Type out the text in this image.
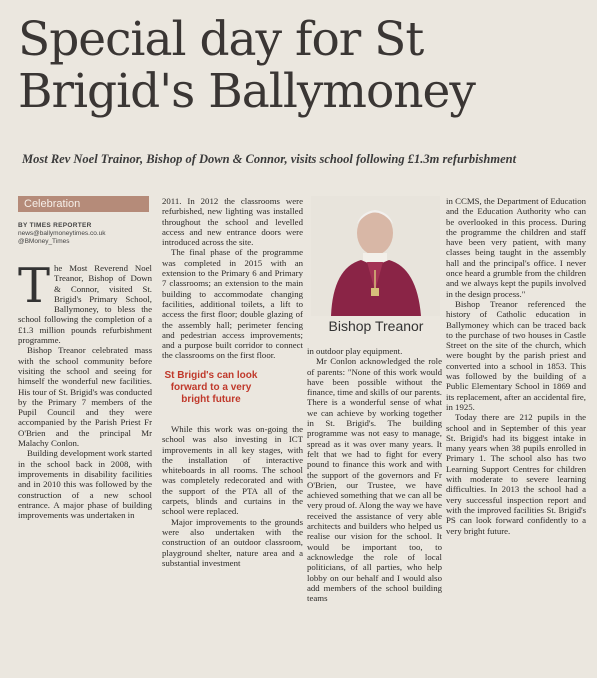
Special day for St Brigid's Ballymoney
Most Rev Noel Trainor, Bishop of Down & Connor, visits school following £1.3m refurbishment
Celebration
BY TIMES REPORTER
news@ballymoneytimes.co.uk
@BMoney_Times

The Most Reverend Noel Treanor, Bishop of Down & Connor, visited St. Brigid's Primary School, Ballymoney, to bless the school following the completion of a £1.3 million pounds refurbishment programme.

Bishop Treanor celebrated mass with the school community before visiting the school and seeing for himself the wonderful new facilities. His tour of St. Brigid's was conducted by the Primary 7 members of the Pupil Council and they were accompanied by the Parish Priest Fr O'Brien and the principal Mr Malachy Conlon.

Building development work started in the school back in 2008, with improvements in disability facilities and in 2010 this was followed by the construction of a new school entrance. A major phase of building improvements was undertaken in

2011. In 2012 the classrooms were refurbished, new lighting was installed throughout the school and levelled access and new entrance doors were introduced across the site.

The final phase of the programme was completed in 2015 with an extension to the Primary 6 and Primary 7 classrooms; an extension to the main building to accommodate changing facilities, additional toilets, a lift to access the first floor; double glazing of the assembly hall; perimeter fencing and pedestrian access improvements; and a purpose built corridor to connect the classrooms on the first floor.

St Brigid's can look forward to a very bright future

While this work was on-going the school was also investing in ICT improvements in all key stages, with the installation of interactive whiteboards in all rooms. The school was completely redecorated and with the support of the PTA all of the carpets, blinds and curtains in the school were replaced.

Major improvements to the grounds were also undertaken with the construction of an outdoor classroom, playground shelter, nature area and a substantial investment

Bishop Treanor

in outdoor play equipment.

Mr Conlon acknowledged the role of parents: "None of this work would have been possible without the finance, time and skills of our parents. There is a wonderful sense of what we can achieve by working together in St. Brigid's. The building programme was not easy to manage, spread as it was over many years. It felt that we had to fight for every pound to finance this work and with the support of the governors and Fr O'Brien, our Trustee, we have achieved something that we can all be very proud of. Along the way we have received the assistance of very able architects and builders who helped us realise our vision for the school. It would be important too, to acknowledge the role of local politicians, of all parties, who help lobby on our behalf and I would also add members of the school building teams

in CCMS, the Department of Education and the Education Authority who can be overlooked in this process. During the programme the children and staff have been very patient, with many classes being taught in the assembly hall and the principal's office. I never once heard a grumble from the children and we always kept the pupils involved in the design process."

Bishop Treanor referenced the history of Catholic education in Ballymoney which can be traced back to the purchase of two houses in Castle Street on the site of the church, which were bought by the parish priest and converted into a school in 1853. This was followed by the building of a Public Elementary School in 1869 and its replacement, after an accidental fire, in 1925.

Today there are 212 pupils in the school and in September of this year St. Brigid's had its biggest intake in many years when 38 pupils enrolled in Primary 1. The school also has two Learning Support Centres for children with moderate to severe learning difficulties. In 2013 the school had a very successful inspection report and with the improved facilities St. Brigid's PS can look forward confidently to a very bright future.
